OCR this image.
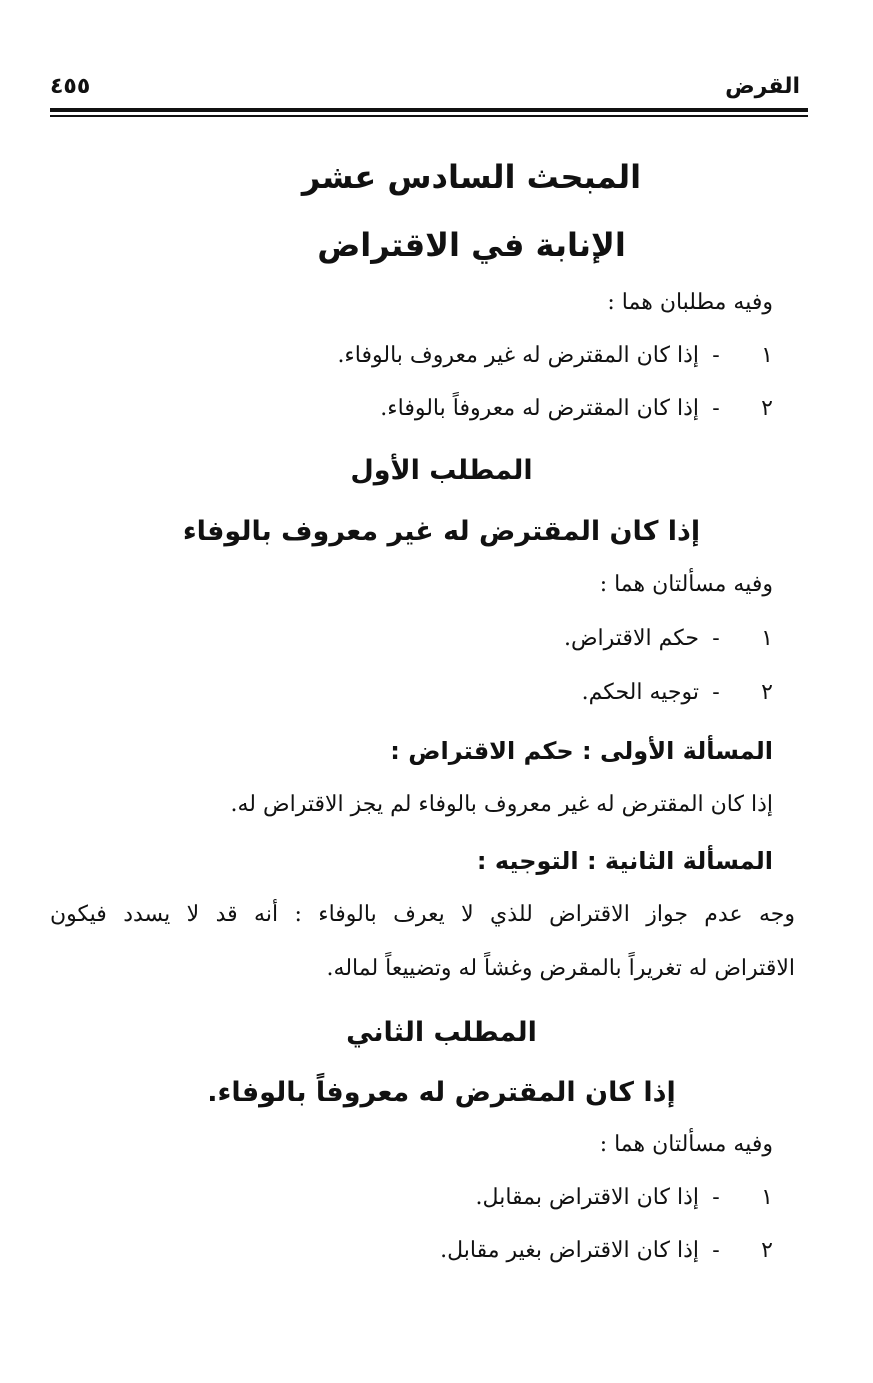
القرض
٤٥٥
المبحث السادس عشر
الإنابة في الاقتراض
وفيه مطلبان هما :
١-إذا كان المقترض له غير معروف بالوفاء.
٢-إذا كان المقترض له معروفاً بالوفاء.
المطلب الأول
إذا كان المقترض له غير معروف بالوفاء
وفيه مسألتان هما :
١-حكم الاقتراض.
٢-توجيه الحكم.
المسألة الأولى : حكم الاقتراض :
إذا كان المقترض له غير معروف بالوفاء لم يجز الاقتراض له.
المسألة الثانية : التوجيه :
وجه عدم جواز الاقتراض للذي لا يعرف بالوفاء : أنه قد لا يسدد فيكون
الاقتراض له تغريراً بالمقرض وغشاً له وتضييعاً لماله.
المطلب الثاني
إذا كان المقترض له معروفاً بالوفاء.
وفيه مسألتان هما :
١-إذا كان الاقتراض بمقابل.
٢-إذا كان الاقتراض بغير مقابل.
